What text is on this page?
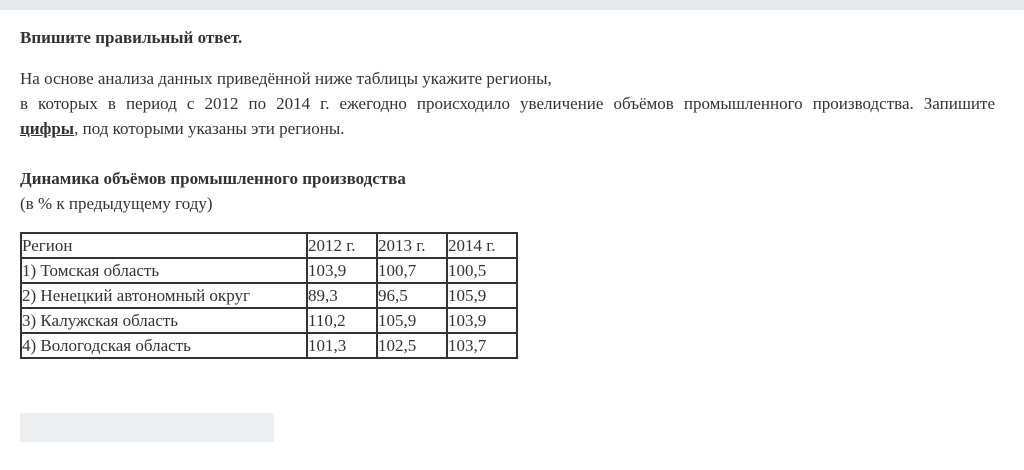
Впишите правильный ответ.

На основе анализа данных приведённой ниже таблицы укажите регионы,
в которых в период с 2012 по 2014 г. ежегодно происходило увеличение объёмов промышленного производства. Запишите
цифры, под которыми указаны эти регионы.
Динамика объёмов промышленного производства
(в % к предыдущему году)
Регион	2012 г.	2013 г.	2014 г.
1) Томская область	103,9	100,7	100,5
2) Ненецкий автономный округ	89,3	96,5	105,9
3) Калужская область	110,2	105,9	103,9
4) Вологодская область	101,3	102,5	103,7
